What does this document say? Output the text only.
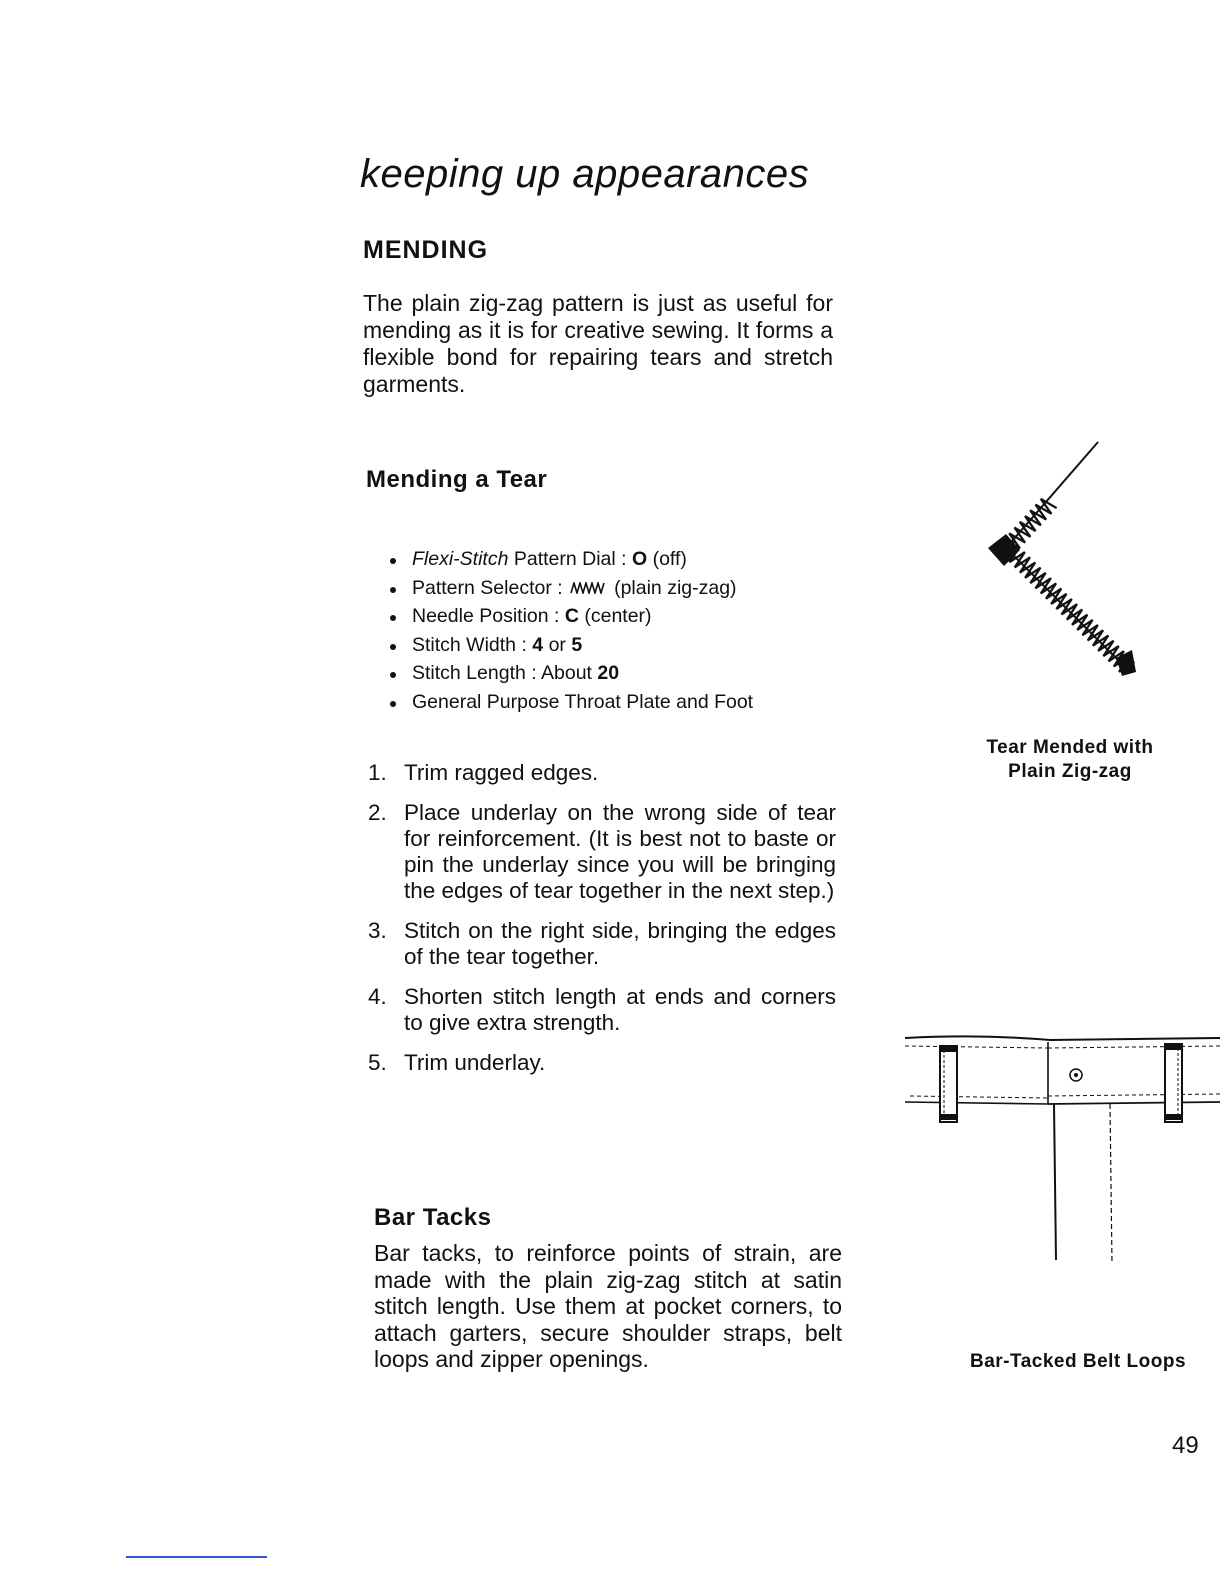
keeping up appearances
MENDING
The plain zig-zag pattern is just as useful for mending as it is for creative sewing. It forms a flexible bond for repairing tears and stretch garments.
Mending a Tear
Flexi-Stitch Pattern Dial : O (off)
Pattern Selector : (plain zig-zag)
Needle Position : C (center)
Stitch Width : 4 or 5
Stitch Length : About 20
General Purpose Throat Plate and Foot
1. Trim ragged edges.
2. Place underlay on the wrong side of tear for reinforcement. (It is best not to baste or pin the underlay since you will be bringing the edges of tear together in the next step.)
3. Stitch on the right side, bringing the edges of the tear together.
4. Shorten stitch length at ends and corners to give extra strength.
5. Trim underlay.
Tear Mended with
Plain Zig-zag
Bar-Tacked Belt Loops
Bar Tacks
Bar tacks, to reinforce points of strain, are made with the plain zig-zag stitch at satin stitch length. Use them at pocket corners, to attach garters, secure shoulder straps, belt loops and zipper openings.
49
